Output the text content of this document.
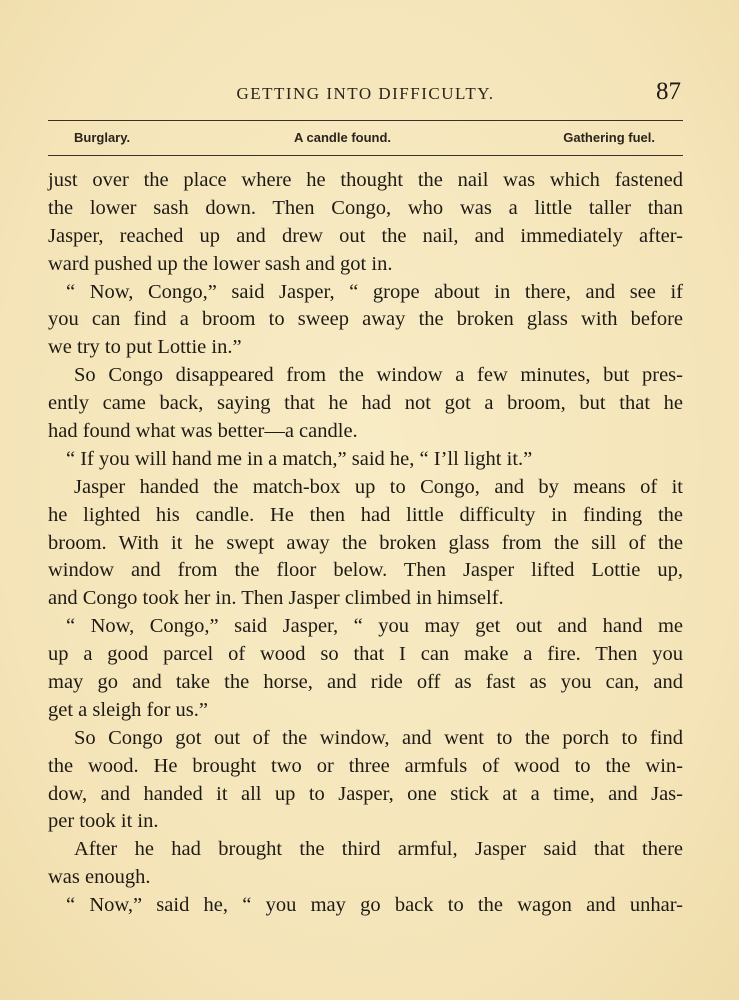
GETTING INTO DIFFICULTY.	87
Burglary.	A candle found.	Gathering fuel.
just over the place where he thought the nail was which fastened
the lower sash down. Then Congo, who was a little taller than
Jasper, reached up and drew out the nail, and immediately after-
ward pushed up the lower sash and got in.
“ Now, Congo,” said Jasper, “ grope about in there, and see if
you can find a broom to sweep away the broken glass with before
we try to put Lottie in.”
So Congo disappeared from the window a few minutes, but pres-
ently came back, saying that he had not got a broom, but that he
had found what was better—a candle.
“ If you will hand me in a match,” said he, “ I’ll light it.”
Jasper handed the match-box up to Congo, and by means of it
he lighted his candle. He then had little difficulty in finding the
broom. With it he swept away the broken glass from the sill of the
window and from the floor below. Then Jasper lifted Lottie up,
and Congo took her in. Then Jasper climbed in himself.
“ Now, Congo,” said Jasper, “ you may get out and hand me
up a good parcel of wood so that I can make a fire. Then you
may go and take the horse, and ride off as fast as you can, and
get a sleigh for us.”
So Congo got out of the window, and went to the porch to find
the wood. He brought two or three armfuls of wood to the win-
dow, and handed it all up to Jasper, one stick at a time, and Jas-
per took it in.
After he had brought the third armful, Jasper said that there
was enough.
“ Now,” said he, “ you may go back to the wagon and unhar-
